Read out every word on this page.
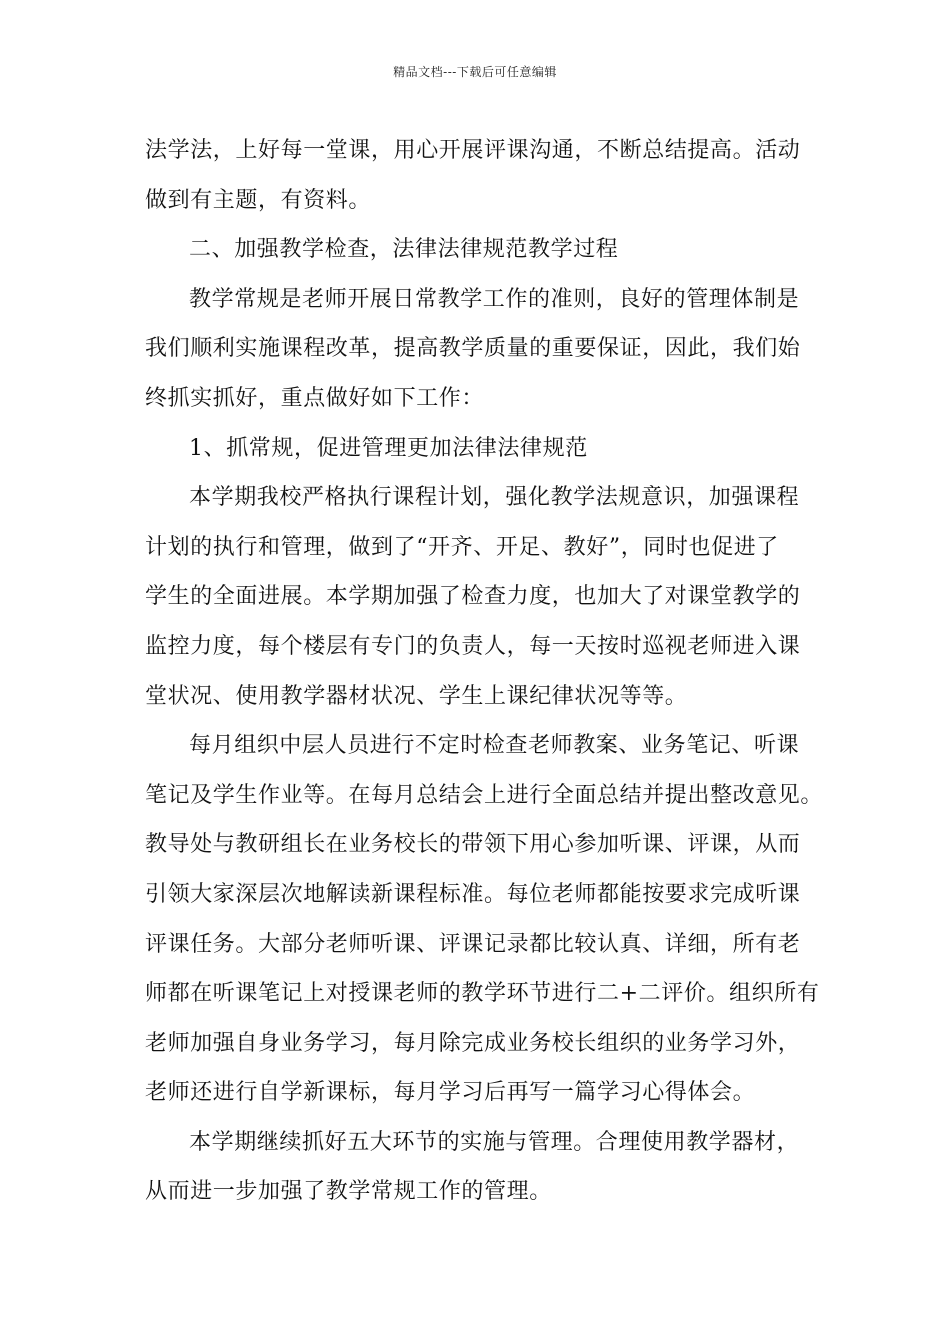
精品文档---下载后可任意编辑
法学法，上好每一堂课，用心开展评课沟通，不断总结提高。活动
做到有主题，有资料。
二、加强教学检查，法律法律规范教学过程
教学常规是老师开展日常教学工作的准则，良好的管理体制是
我们顺利实施课程改革，提高教学质量的重要保证，因此，我们始
终抓实抓好，重点做好如下工作：
1、抓常规，促进管理更加法律法律规范
本学期我校严格执行课程计划，强化教学法规意识，加强课程
计划的执行和管理，做到了“开齐、开足、教好”，同时也促进了
学生的全面进展。本学期加强了检查力度，也加大了对课堂教学的
监控力度，每个楼层有专门的负责人，每一天按时巡视老师进入课
堂状况、使用教学器材状况、学生上课纪律状况等等。
每月组织中层人员进行不定时检查老师教案、业务笔记、听课
笔记及学生作业等。在每月总结会上进行全面总结并提出整改意见。
教导处与教研组长在业务校长的带领下用心参加听课、评课，从而
引领大家深层次地解读新课程标准。每位老师都能按要求完成听课
评课任务。大部分老师听课、评课记录都比较认真、详细，所有老
师都在听课笔记上对授课老师的教学环节进行二+二评价。组织所有
老师加强自身业务学习，每月除完成业务校长组织的业务学习外，
老师还进行自学新课标，每月学习后再写一篇学习心得体会。
本学期继续抓好五大环节的实施与管理。合理使用教学器材，
从而进一步加强了教学常规工作的管理。
